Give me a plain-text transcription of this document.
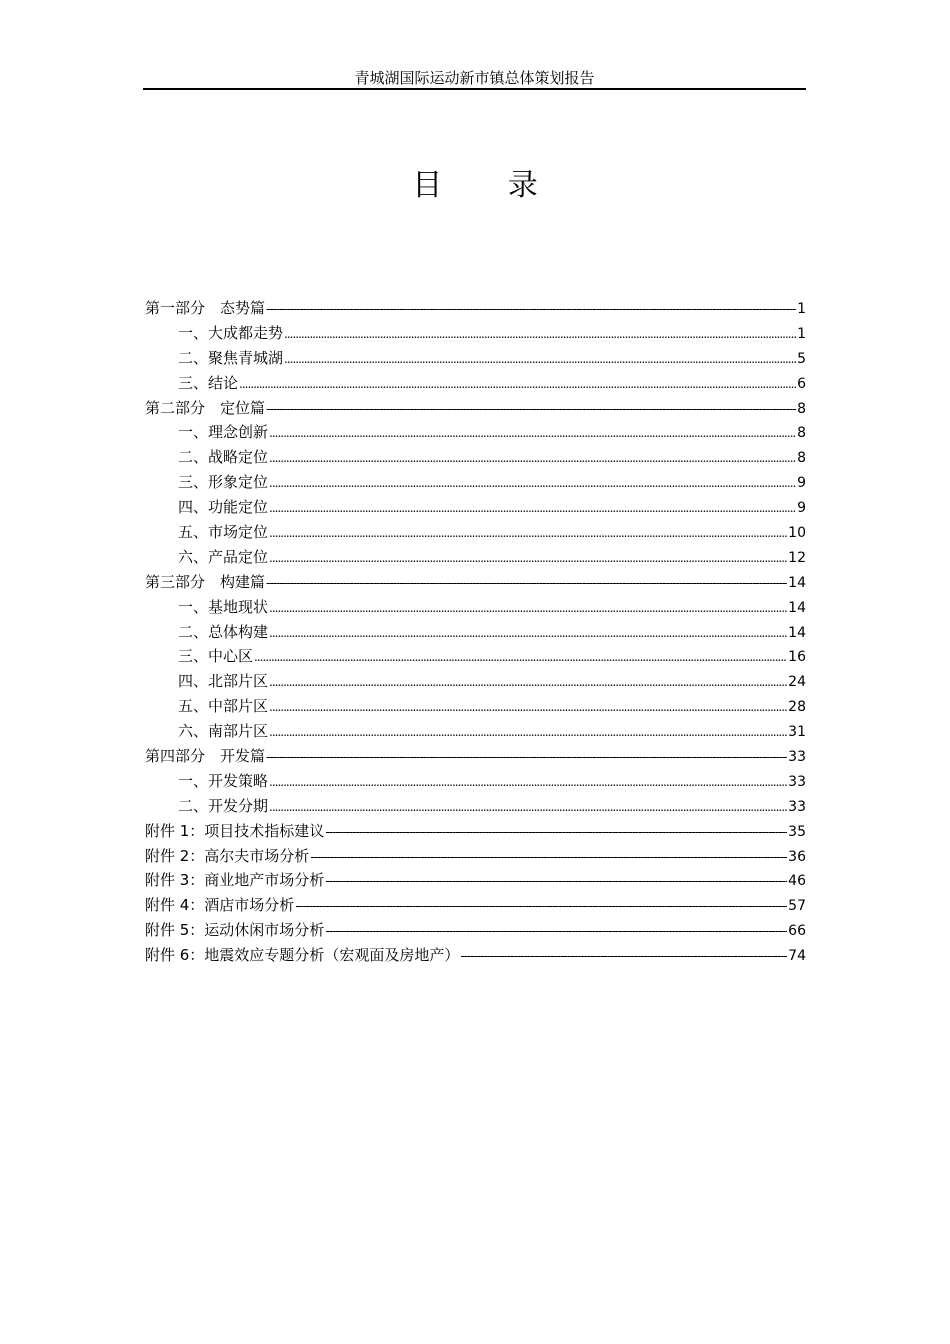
青城湖国际运动新市镇总体策划报告
目 录
第一部分　态势篇 -----	1
一、大成都走势 .....	1
二、聚焦青城湖 .....	5
三、结论 .....	6
第二部分　定位篇 -----	8
一、理念创新 .....	8
二、战略定位 .....	8
三、形象定位 .....	9
四、功能定位 .....	9
五、市场定位 .....	10
六、产品定位 .....	12
第三部分　构建篇 -----	14
一、基地现状 .....	14
二、总体构建 .....	14
三、中心区 .....	16
四、北部片区 .....	24
五、中部片区 .....	28
六、南部片区 .....	31
第四部分　开发篇 -----	33
一、开发策略 .....	33
二、开发分期 .....	33
附件 1：项目技术指标建议 -----	35
附件 2：高尔夫市场分析 -----	36
附件 3：商业地产市场分析 -----	46
附件 4：酒店市场分析 -----	57
附件 5：运动休闲市场分析 -----	66
附件 6：地震效应专题分析（宏观面及房地产） -----	74
